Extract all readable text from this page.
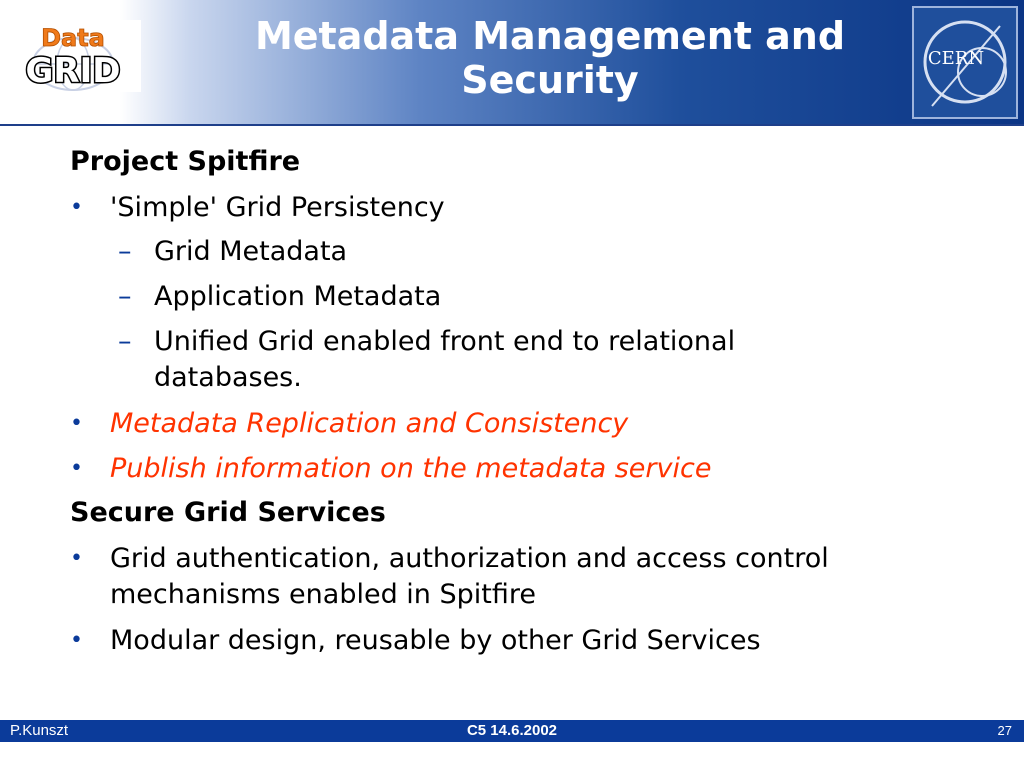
Data
GRID	CERN
Metadata Management and
Security
Project Spitfire
• 'Simple' Grid Persistency
– Grid Metadata
– Application Metadata
– Unified Grid enabled front end to relational databases.
• Metadata Replication and Consistency
• Publish information on the metadata service
Secure Grid Services
• Grid authentication, authorization and access control mechanisms enabled in Spitfire
• Modular design, reusable by other Grid Services
C5 14.6.2002
P.Kunszt	27
